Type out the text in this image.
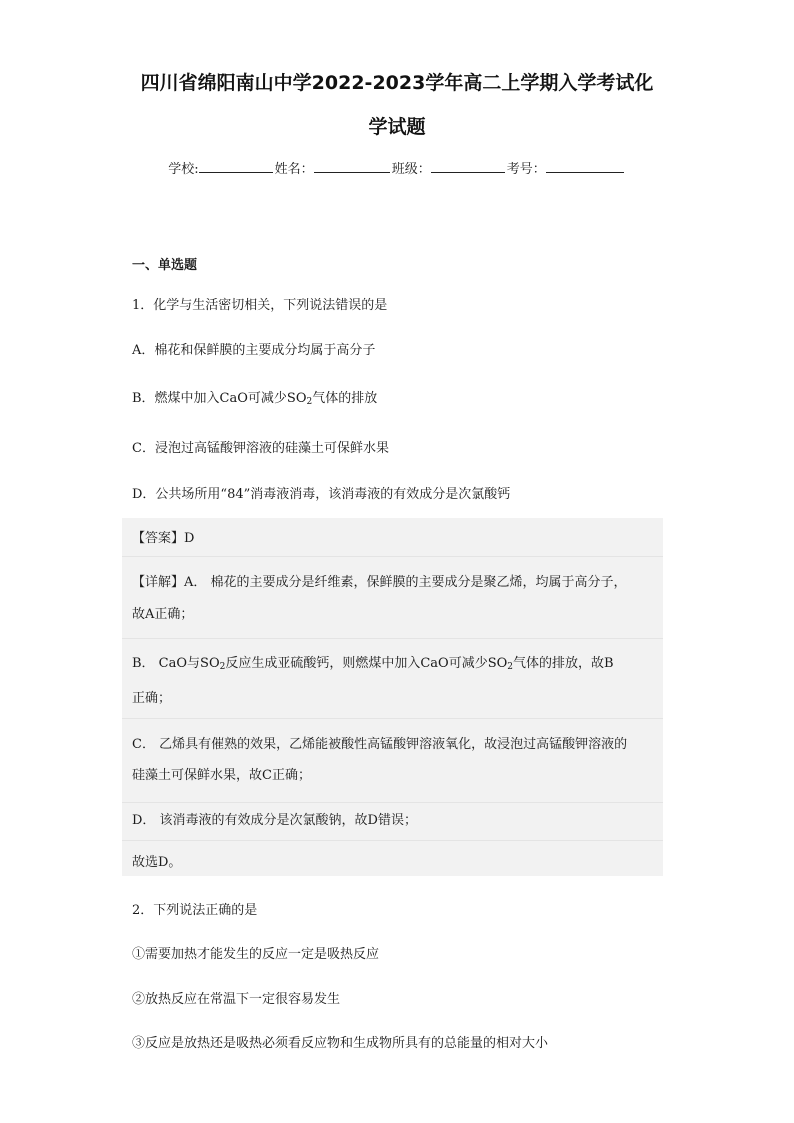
四川省绵阳南山中学2022-2023学年高二上学期入学考试化
学试题
学校:	姓名：	班级：	考号：
一、单选题
1．化学与生活密切相关，下列说法错误的是
A．棉花和保鲜膜的主要成分均属于高分子
B．燃煤中加入CaO可减少$SO_2$气体的排放
C．浸泡过高锰酸钾溶液的硅藻土可保鲜水果
D．公共场所用“84”消毒液消毒，该消毒液的有效成分是次氯酸钙
【答案】D
【详解】A． 棉花的主要成分是纤维素，保鲜膜的主要成分是聚乙烯，均属于高分子，
故A正确；
B． CaO与$SO_2$反应生成亚硫酸钙，则燃煤中加入CaO可减少$SO_2$气体的排放，故B
正确；
C． 乙烯具有催熟的效果，乙烯能被酸性高锰酸钾溶液氧化，故浸泡过高锰酸钾溶液的
硅藻土可保鲜水果，故C正确；
D． 该消毒液的有效成分是次氯酸钠，故D错误；
故选D。
2．下列说法正确的是
①需要加热才能发生的反应一定是吸热反应
②放热反应在常温下一定很容易发生
③反应是放热还是吸热必须看反应物和生成物所具有的总能量的相对大小
